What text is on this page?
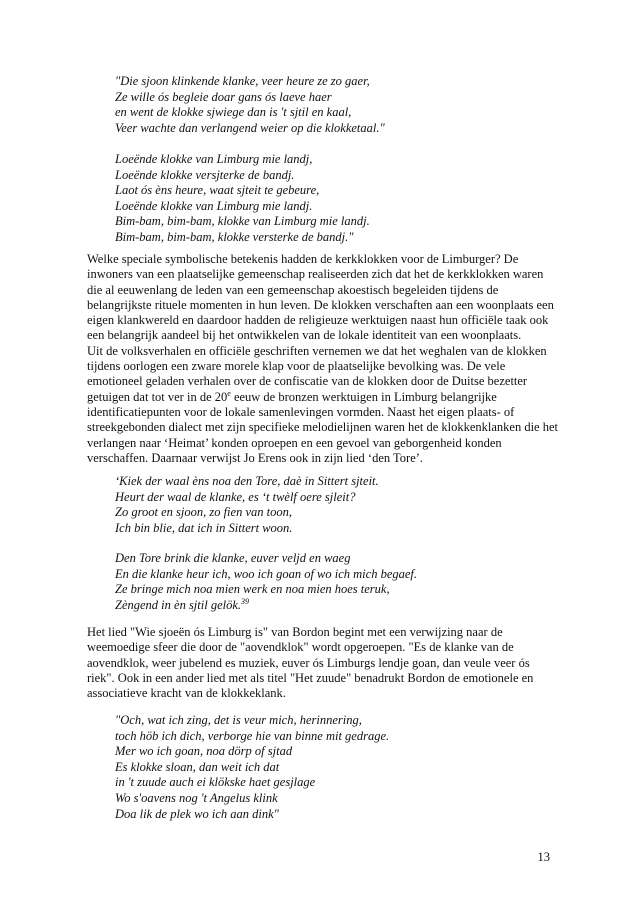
"Die sjoon klinkende klanke, veer heure ze zo gaer,
Ze wille ós begleie doar gans ós laeve haer
en went de klokke sjwiege dan is 't sjtil en kaal,
Veer wachte dan verlangend weier op die klokketaal."
Loeënde klokke van Limburg mie landj,
Loeënde klokke versjterke de bandj.
Laot ós èns heure, waat sjteit te gebeure,
Loeënde klokke van Limburg mie landj.
Bim-bam, bim-bam, klokke van Limburg mie landj.
Bim-bam, bim-bam, klokke versterke de bandj."
Welke speciale symbolische betekenis hadden de kerkklokken voor de Limburger? De
inwoners van een plaatselijke gemeenschap realiseerden zich dat het de kerkklokken waren
die al eeuwenlang de leden van een gemeenschap akoestisch begeleiden tijdens de
belangrijkste rituele momenten in hun leven. De klokken verschaften aan een woonplaats een
eigen klankwereld en daardoor hadden de religieuze werktuigen naast hun officiële taak ook
een belangrijk aandeel bij het ontwikkelen van de lokale identiteit van een woonplaats.
Uit de volksverhalen en officiële geschriften vernemen we dat het weghalen van de klokken
tijdens oorlogen een zware morele klap voor de plaatselijke bevolking was. De vele
emotioneel geladen verhalen over de confiscatie van de klokken door de Duitse bezetter
getuigen dat tot ver in de 20e eeuw de bronzen werktuigen in Limburg belangrijke
identificatiepunten voor de lokale samenlevingen vormden. Naast het eigen plaats- of
streekgebonden dialect met zijn specifieke melodielijnen waren het de klokkenklanken die het
verlangen naar ‘Heimat’ konden oproepen en een gevoel van geborgenheid konden
verschaffen. Daarnaar verwijst Jo Erens ook in zijn lied ‘den Tore’.
‘Kiek der waal èns noa den Tore, daè in Sittert sjteit.
Heurt der waal de klanke, es ‘t twèlf oere sjleit?
Zo groot en sjoon, zo fien van toon,
Ich bin blie, dat ich in Sittert woon.
Den Tore brink die klanke, euver veljd en waeg
En die klanke heur ich, woo ich goan of wo ich mich begaef.
Ze bringe mich noa mien werk en noa mien hoes teruk,
Zèngend in èn sjtil gelök.$^{39}$
Het lied "Wie sjoeën ós Limburg is" van Bordon begint met een verwijzing naar de
weemoedige sfeer die door de "aovendklok" wordt opgeroepen. "Es de klanke van de
aovendklok, weer jubelend es muziek, euver ós Limburgs lendje goan, dan veule veer ós
riek". Ook in een ander lied met als titel "Het zuude" benadrukt Bordon de emotionele en
associatieve kracht van de klokkeklank.
"Och, wat ich zing, det is veur mich, herinnering,
toch höb ich dich, verborge hie van binne mit gedrage.
Mer wo ich goan, noa dörp of sjtad
Es klokke sloan, dan weit ich dat
in 't zuude auch ei klökske haet gesjlage
Wo s'oavens nog 't Angelus klink
Doa lik de plek wo ich aan dink"
13
